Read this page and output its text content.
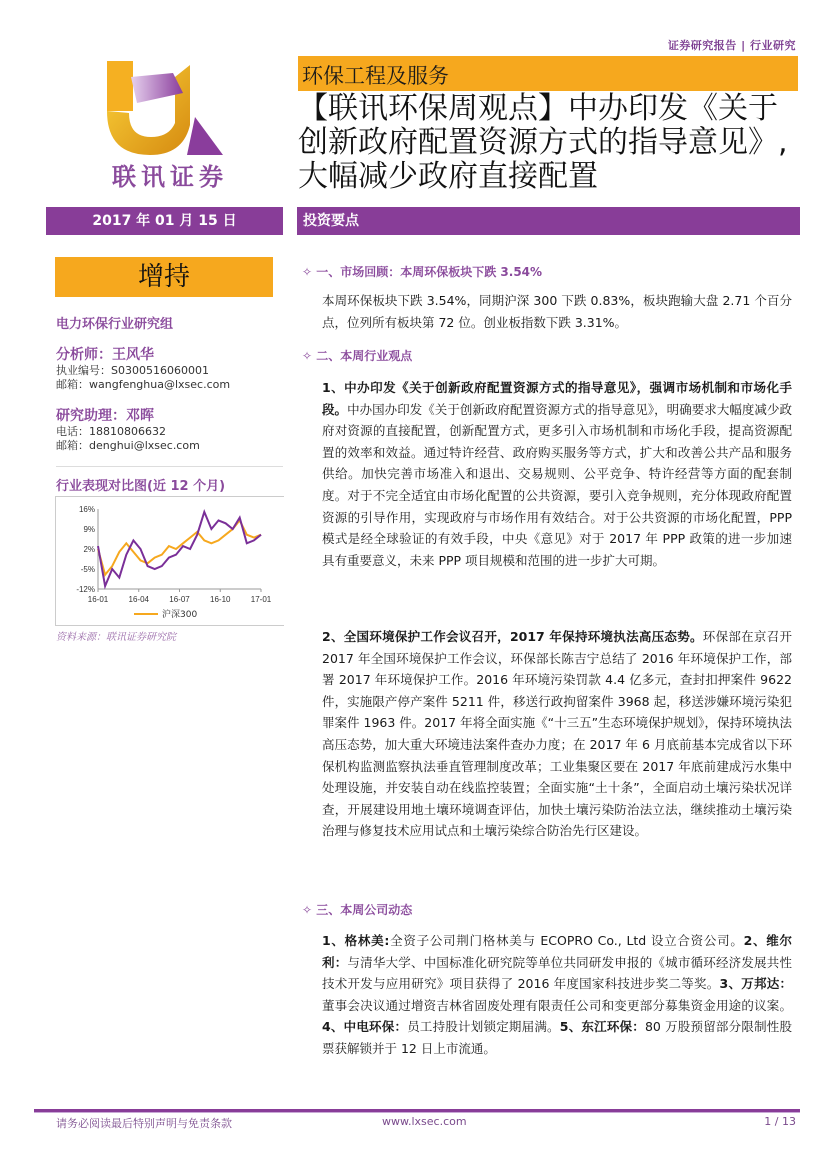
证券研究报告 | 行业研究
联讯证券
环保工程及服务
【联讯环保周观点】中办印发《关于
创新政府配置资源方式的指导意见》,
大幅减少政府直接配置
2017 年 01 月 15 日
增持
电力环保行业研究组
分析师：王风华
执业编号：S0300516060001
邮箱：wangfenghua@lxsec.com
研究助理：邓晖
电话：18810806632
邮箱：denghui@lxsec.com
行业表现对比图(近 12 个月)
16%
9%
2%
-5%
-12%
16-01	16-04	16-07	16-10	17-01
沪深300
资料来源：联讯证券研究院
投资要点
✧ 一、市场回顾：本周环保板块下跌 3.54%
本周环保板块下跌 3.54%，同期沪深 300 下跌 0.83%，板块跑输大盘 2.71 个百分点，位列所有板块第 72 位。创业板指数下跌 3.31%。
✧ 二、本周行业观点
1、中办印发《关于创新政府配置资源方式的指导意见》，强调市场机制和市场化手段。中办国办印发《关于创新政府配置资源方式的指导意见》，明确要求大幅度减少政府对资源的直接配置，创新配置方式，更多引入市场机制和市场化手段，提高资源配置的效率和效益。通过特许经营、政府购买服务等方式，扩大和改善公共产品和服务供给。加快完善市场准入和退出、交易规则、公平竞争、特许经营等方面的配套制度。对于不完全适宜由市场化配置的公共资源，要引入竞争规则，充分体现政府配置资源的引导作用，实现政府与市场作用有效结合。对于公共资源的市场化配置，PPP 模式是经全球验证的有效手段，中央《意见》对于 2017 年 PPP 政策的进一步加速具有重要意义，未来 PPP 项目规模和范围的进一步扩大可期。
2、全国环境保护工作会议召开，2017 年保持环境执法高压态势。环保部在京召开 2017 年全国环境保护工作会议，环保部长陈吉宁总结了 2016 年环境保护工作，部署 2017 年环境保护工作。2016 年环境污染罚款 4.4 亿多元，查封扣押案件 9622 件，实施限产停产案件 5211 件，移送行政拘留案件 3968 起，移送涉嫌环境污染犯罪案件 1963 件。2017 年将全面实施《“十三五”生态环境保护规划》，保持环境执法高压态势，加大重大环境违法案件查办力度；在 2017 年 6 月底前基本完成省以下环保机构监测监察执法垂直管理制度改革；工业集聚区要在 2017 年底前建成污水集中处理设施，并安装自动在线监控装置；全面实施“土十条”，全面启动土壤污染状况详查，开展建设用地土壤环境调查评估，加快土壤污染防治法立法，继续推动土壤污染治理与修复技术应用试点和土壤污染综合防治先行区建设。
✧ 三、本周公司动态
1、格林美:全资子公司荆门格林美与 ECOPRO Co., Ltd 设立合资公司。2、维尔利：与清华大学、中国标准化研究院等单位共同研发申报的《城市循环经济发展共性技术开发与应用研究》项目获得了 2016 年度国家科技进步奖二等奖。3、万邦达：董事会决议通过增资吉林省固废处理有限责任公司和变更部分募集资金用途的议案。4、中电环保：员工持股计划锁定期届满。5、东江环保：80 万股预留部分限制性股票获解锁并于 12 日上市流通。
请务必阅读最后特别声明与免责条款	www.lxsec.com	1 / 13
